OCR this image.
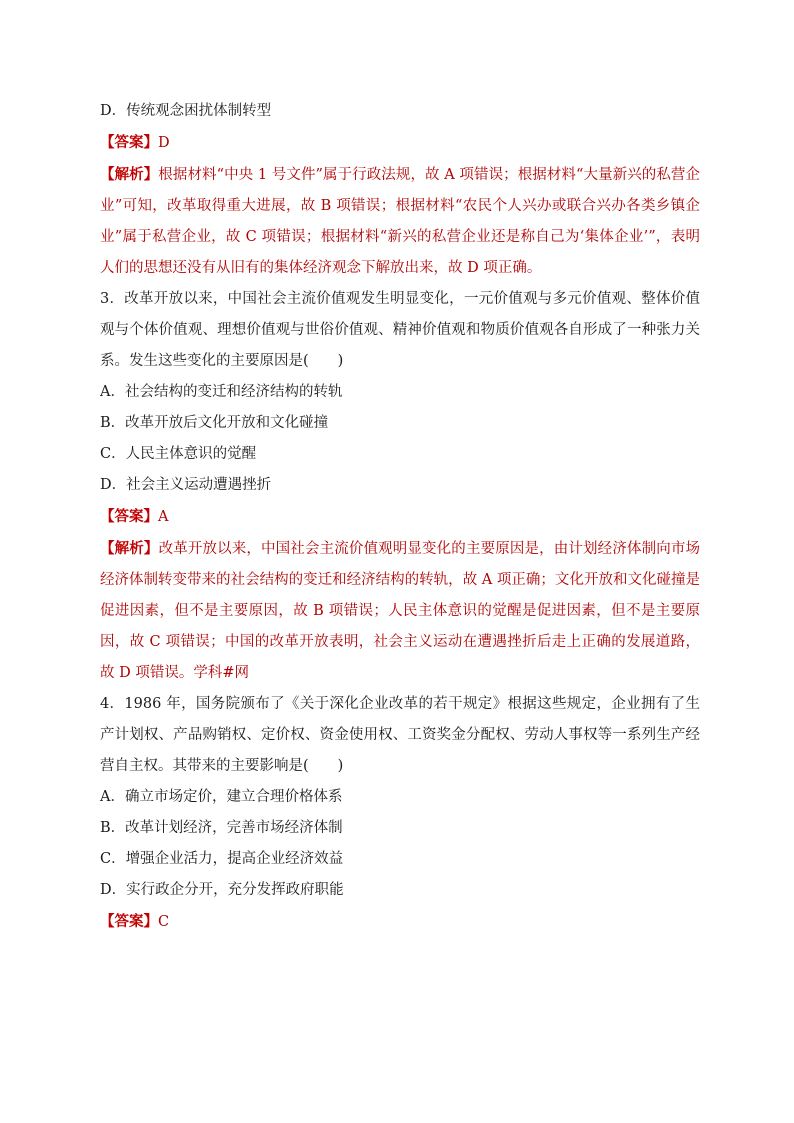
D．传统观念困扰体制转型
【答案】D
【解析】根据材料“中央 1 号文件”属于行政法规，故 A 项错误；根据材料“大量新兴的私营企业”可知，改革取得重大进展，故 B 项错误；根据材料“农民个人兴办或联合兴办各类乡镇企业”属于私营企业，故 C 项错误；根据材料“新兴的私营企业还是称自己为‘集体企业’”，表明人们的思想还没有从旧有的集体经济观念下解放出来，故 D 项正确。
3．改革开放以来，中国社会主流价值观发生明显变化，一元价值观与多元价值观、整体价值观与个体价值观、理想价值观与世俗价值观、精神价值观和物质价值观各自形成了一种张力关系。发生这些变化的主要原因是(　　)
A．社会结构的变迁和经济结构的转轨
B．改革开放后文化开放和文化碰撞
C．人民主体意识的觉醒
D．社会主义运动遭遇挫折
【答案】A
【解析】改革开放以来，中国社会主流价值观明显变化的主要原因是，由计划经济体制向市场经济体制转变带来的社会结构的变迁和经济结构的转轨，故 A 项正确；文化开放和文化碰撞是促进因素，但不是主要原因，故 B 项错误；人民主体意识的觉醒是促进因素，但不是主要原因，故 C 项错误；中国的改革开放表明，社会主义运动在遭遇挫折后走上正确的发展道路，故 D 项错误。学科#网
4．1986 年，国务院颁布了《关于深化企业改革的若干规定》根据这些规定，企业拥有了生产计划权、产品购销权、定价权、资金使用权、工资奖金分配权、劳动人事权等一系列生产经营自主权。其带来的主要影响是(　　)
A．确立市场定价，建立合理价格体系
B．改革计划经济，完善市场经济体制
C．增强企业活力，提高企业经济效益
D．实行政企分开，充分发挥政府职能
【答案】C
